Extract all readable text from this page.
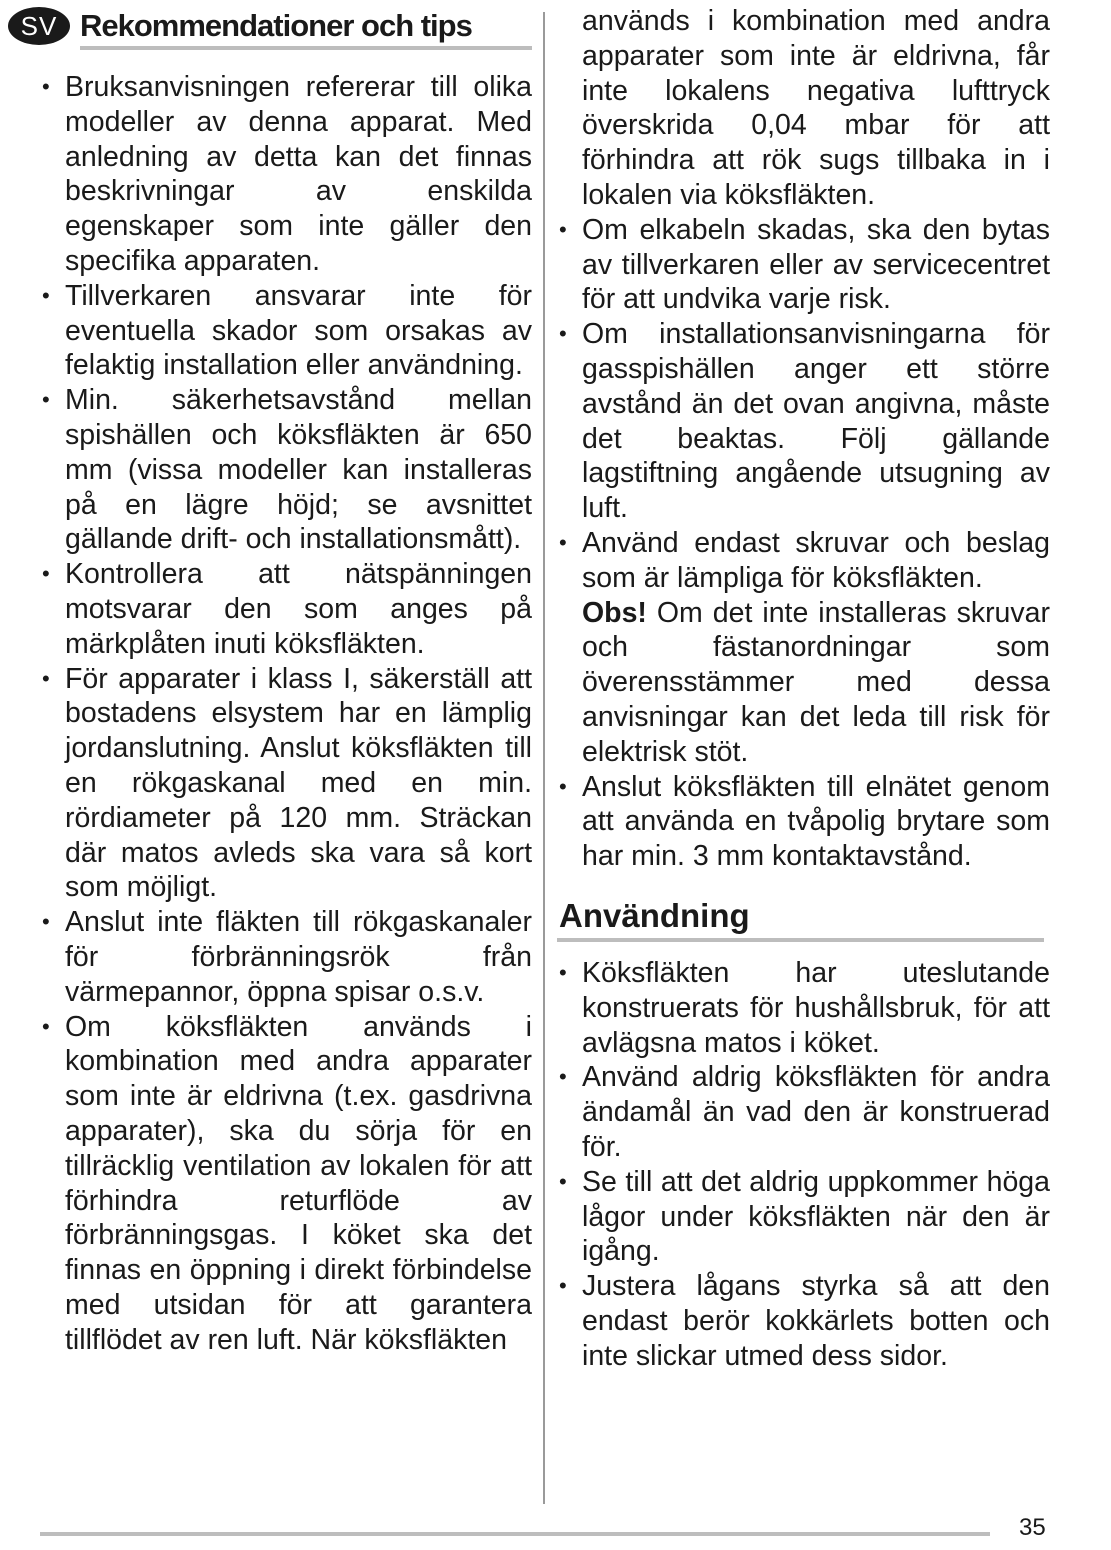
SV Rekommendationer och tips
• Bruksanvisningen refererar till olika modeller av denna apparat. Med anledning av detta kan det finnas beskrivningar av enskilda egenskaper som inte gäller den specifika apparaten.
• Tillverkaren ansvarar inte för eventuella skador som orsakas av felaktig installation eller användning.
• Min. säkerhetsavstånd mellan spishällen och köksfläkten är 650 mm (vissa modeller kan installeras på en lägre höjd; se avsnittet gällande drift- och installationsmått).
• Kontrollera att nätspänningen motsvarar den som anges på märkplåten inuti köksfläkten.
• För apparater i klass I, säkerställ att bostadens elsystem har en lämplig jordanslutning. Anslut köksfläkten till en rökgaskanal med en min. rördiameter på 120 mm. Sträckan där matos avleds ska vara så kort som möjligt.
• Anslut inte fläkten till rökgaskanaler för förbränningsrök från värmepannor, öppna spisar o.s.v.
• Om köksfläkten används i kombination med andra apparater som inte är eldrivna (t.ex. gasdrivna apparater), ska du sörja för en tillräcklig ventilation av lokalen för att förhindra returflöde av förbränningsgas. I köket ska det finnas en öppning i direkt förbindelse med utsidan för att garantera tillflödet av ren luft. När köksfläkten
används i kombination med andra apparater som inte är eldrivna, får inte lokalens negativa lufttryck överskrida 0,04 mbar för att förhindra att rök sugs tillbaka in i lokalen via köksfläkten.
• Om elkabeln skadas, ska den bytas av tillverkaren eller av servicecentret för att undvika varje risk.
• Om installationsanvisningarna för gasspishällen anger ett större avstånd än det ovan angivna, måste det beaktas. Följ gällande lagstiftning angående utsugning av luft.
• Använd endast skruvar och beslag som är lämpliga för köksfläkten.
Obs! Om det inte installeras skruvar och fästanordningar som överensstämmer med dessa anvisningar kan det leda till risk för elektrisk stöt.
• Anslut köksfläkten till elnätet genom att använda en tvåpolig brytare som har min. 3 mm kontaktavstånd.
Användning
• Köksfläkten har uteslutande konstruerats för hushållsbruk, för att avlägsna matos i köket.
• Använd aldrig köksfläkten för andra ändamål än vad den är konstruerad för.
• Se till att det aldrig uppkommer höga lågor under köksfläkten när den är igång.
• Justera lågans styrka så att den endast berör kokkärlets botten och inte slickar utmed dess sidor.
35
